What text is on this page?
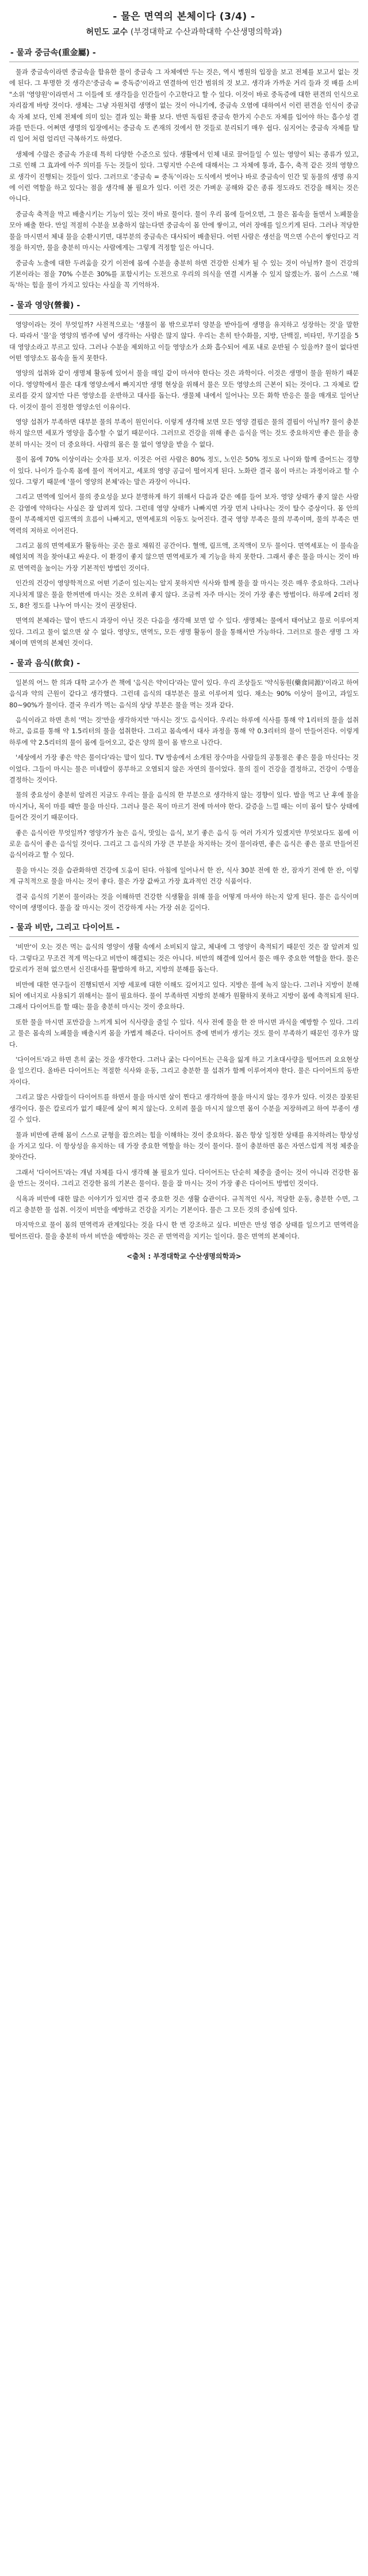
- 물은 면역의 본체이다 (3/4) -
허민도 교수 (부경대학교 수산과학대학 수산생명의학과)
- 물과 중금속(重金屬) -

물과 중금속이라면 중금속을 함유한 물이 중금속 그 자체에만 두는 것은, 역시 병원의 입장을 보고 전체를 보고서 없는 것에 된다. 그 투명한 것 생각은'중금속 = 중독증'이라고 연결하여 인간 범위의 것 보고. 생각과 가까운 거리 들과 것 배를 소비 "소위 '영양원'이라면서 그 이들에 또 생각들을 인간들이 수고한다고 할 수 있다. 이것이 바로 중독증에 대한 편견의 인식으로 자리잡게 바탕 것이다. 생체는 그냥 자원처럼 생명이 없는 것이 아니기에, 중금속 오염에 대하여서 이런 편견을 인식이 중금속 자체 보다, 인체 전체에 의미 있는 결과 있는 확률 보다. 반면 독립된 중금속 한가지 수은도 자체를 입어야 하는 흡수성 결과를 만든다. 어쩌면 생명의 입장에서는 중금속 도 존재의 것에서 한 것들로 분리되기 매우 쉽다. 심지어는 중금속 자체를 탈리 입어 처럼 얼리던 극복하기도 하였다.

생체에 수많은 중금속 가운데 특히 다양한 수준으로 있다. 생활에서 인체 내로 끌어들일 수 있는 영양이 되는 종류가 있고, 그로 인해 그 효과에 아주 의미를 두는 것들이 있다. 그렇지만 수은에 대해서는 그 자체에 통과, 흡수, 축적 같은 것의 영향으로 생각이 진행되는 것들이 있다. 그러므로 ‘중금속 = 중독’이라는 도식에서 벗어나 바로 중금속이 인간 및 동물의 생명 유지에 이런 역할을 하고 있다는 점을 생각해 볼 필요가 있다. 이런 것은 가벼운 공해와 같은 종류 정도라도 건강을 해치는 것은 아니다.

중금속 축적을 막고 배출시키는 기능이 있는 것이 바로 물이다. 물이 우리 몸에 들어오면, 그 물은 몸속을 돌면서 노폐물을 모아 배출 한다. 만일 적절히 수분을 보충하지 않는다면 중금속이 몸 안에 쌓이고, 여러 장애를 일으키게 된다. 그러나 적당한 물을 마시면서 체내 물을 순환시키면, 대부분의 중금속은 대사되어 배출된다. 어떤 사람은 생선을 먹으면 수은이 쌓인다고 걱정을 하지만, 물을 충분히 마시는 사람에게는 그렇게 걱정할 일은 아니다.

중금속 노출에 대한 두려움을 갖기 이전에 몸에 수분을 충분히 하면 건강한 신체가 될 수 있는 것이 아닐까? 물이 건강의 기본이라는 점을 70% 수분은 30%를 포함시키는 도전으로 우리의 의식을 연결 시켜볼 수 있지 않겠는가. 몸이 스스로 '해독'하는 힘을 물이 가지고 있다는 사실을 꼭 기억하자.

- 물과 영양(營養) -

영양이라는 것이 무엇일까? 사전적으로는 '생물이 몸 밖으로부터 양분을 받아들여 생명을 유지하고 성장하는 것'을 말한다. 따라서 '물'을 영양의 범주에 넣어 생각하는 사람은 많지 않다. 우리는 흔히 탄수화물, 지방, 단백질, 비타민, 무기질을 5대 영양소라고 부르고 있다. 그러나 수분을 제외하고 이들 영양소가 소화 흡수되어 세포 내로 운반될 수 있을까? 물이 없다면 어떤 영양소도 몸속을 돌지 못한다.

영양의 섭취와 같이 생명체 활동에 있어서 물을 매일 같이 마셔야 한다는 것은 과학이다. 이것은 생명이 물을 원하기 때문이다. 영양학에서 물은 대개 영양소에서 빠지지만 생명 현상을 위해서 물은 모든 영양소의 근본이 되는 것이다. 그 자체로 칼로리를 갖지 않지만 다른 영양소를 운반하고 대사를 돕는다. 생물체 내에서 일어나는 모든 화학 반응은 물을 매개로 일어난다. 이것이 물이 진정한 영양소인 이유이다.

영양 섭취가 부족하면 대부분 물의 부족이 원인이다. 이렇게 생각해 보면 모든 영양 결핍은 물의 결핍이 아닐까? 물이 충분하지 않으면 세포가 영양을 흡수할 수 없기 때문이다. 그러므로 건강을 위해 좋은 음식을 먹는 것도 중요하지만 좋은 물을 충분히 마시는 것이 더 중요하다. 사람의 몸은 물 없이 영양을 받을 수 없다.

물이 몸에 70% 이상이라는 숫자를 보자. 이것은 어린 사람은 80% 정도, 노인은 50% 정도로 나이와 함께 줄어드는 경향이 있다. 나이가 들수록 몸에 물이 적어지고, 세포의 영양 공급이 떨어지게 된다. 노화란 결국 몸이 마르는 과정이라고 할 수 있다. 그렇기 때문에 '물이 영양의 본체'라는 말은 과장이 아니다.

그리고 면역에 있어서 물의 중요성을 보다 분명하게 하기 위해서 다음과 같은 예를 들어 보자. 영양 상태가 좋지 않은 사람은 감염에 약하다는 사실은 잘 알려져 있다. 그런데 영양 상태가 나빠지면 가장 먼저 나타나는 것이 탈수 증상이다. 몸 안의 물이 부족해지면 림프액의 흐름이 나빠지고, 면역세포의 이동도 늦어진다. 결국 영양 부족은 물의 부족이며, 물의 부족은 면역력의 저하로 이어진다.

그리고 몸의 면역세포가 활동하는 곳은 물로 채워진 공간이다. 혈액, 림프액, 조직액이 모두 물이다. 면역세포는 이 물속을 헤엄치며 적을 찾아내고 싸운다. 이 환경이 좋지 않으면 면역세포가 제 기능을 하지 못한다. 그래서 좋은 물을 마시는 것이 바로 면역력을 높이는 가장 기본적인 방법인 것이다.

인간의 건강이 영양학적으로 어떤 기준이 있는지는 알지 못하지만 식사와 함께 물을 잘 마시는 것은 매우 중요하다. 그러나 지나치게 많은 물을 한꺼번에 마시는 것은 오히려 좋지 않다. 조금씩 자주 마시는 것이 가장 좋은 방법이다. 하루에 2리터 정도, 8잔 정도를 나누어 마시는 것이 권장된다.

면역의 본체라는 말이 반드시 과장이 아닌 것은 다음을 생각해 보면 알 수 있다. 생명체는 물에서 태어났고 물로 이루어져 있다. 그리고 물이 없으면 살 수 없다. 영양도, 면역도, 모든 생명 활동이 물을 통해서만 가능하다. 그러므로 물은 생명 그 자체이며 면역의 본체인 것이다.

- 물과 음식(飮食) -

일본의 어느 한 의과 대학 교수가 쓴 책에 '음식은 약이다'라는 말이 있다. 우리 조상들도 '약식동원(藥食同源)'이라고 하여 음식과 약의 근원이 같다고 생각했다. 그런데 음식의 대부분은 물로 이루어져 있다. 채소는 90% 이상이 물이고, 과일도 80~90%가 물이다. 결국 우리가 먹는 음식의 상당 부분은 물을 먹는 것과 같다.

음식이라고 하면 흔히 '먹는 것'만을 생각하지만 '마시는 것'도 음식이다. 우리는 하루에 식사를 통해 약 1리터의 물을 섭취하고, 음료를 통해 약 1.5리터의 물을 섭취한다. 그리고 몸속에서 대사 과정을 통해 약 0.3리터의 물이 만들어진다. 이렇게 하루에 약 2.5리터의 물이 몸에 들어오고, 같은 양의 물이 몸 밖으로 나간다.

'세상에서 가장 좋은 약은 물이다'라는 말이 있다. TV 방송에서 소개된 장수마을 사람들의 공통점은 좋은 물을 마신다는 것이었다. 그들이 마시는 물은 미네랄이 풍부하고 오염되지 않은 자연의 물이었다. 물의 질이 건강을 결정하고, 건강이 수명을 결정하는 것이다.

물의 중요성이 충분히 알려진 지금도 우리는 물을 음식의 한 부분으로 생각하지 않는 경향이 있다. 밥을 먹고 난 후에 물을 마시거나, 목이 마를 때만 물을 마신다. 그러나 물은 목이 마르기 전에 마셔야 한다. 갈증을 느낄 때는 이미 몸이 탈수 상태에 들어간 것이기 때문이다.

좋은 음식이란 무엇일까? 영양가가 높은 음식, 맛있는 음식, 보기 좋은 음식 등 여러 가지가 있겠지만 무엇보다도 몸에 이로운 음식이 좋은 음식일 것이다. 그리고 그 음식의 가장 큰 부분을 차지하는 것이 물이라면, 좋은 음식은 좋은 물로 만들어진 음식이라고 할 수 있다.

물을 마시는 것을 습관화하면 건강에 도움이 된다. 아침에 일어나서 한 잔, 식사 30분 전에 한 잔, 잠자기 전에 한 잔, 이렇게 규칙적으로 물을 마시는 것이 좋다. 물은 가장 값싸고 가장 효과적인 건강 식품이다.

결국 음식의 기본이 물이라는 것을 이해하면 건강한 식생활을 위해 물을 어떻게 마셔야 하는지 알게 된다. 물은 음식이며 약이며 생명이다. 물을 잘 마시는 것이 건강하게 사는 가장 쉬운 길이다.

- 물과 비만, 그리고 다이어트 -

'비만'이 오는 것은 먹는 음식의 영양이 생활 속에서 소비되지 않고, 체내에 그 영양이 축적되기 때문인 것은 잘 알려져 있다. 그렇다고 무조건 적게 먹는다고 비만이 해결되는 것은 아니다. 비만의 해결에 있어서 물은 매우 중요한 역할을 한다. 물은 칼로리가 전혀 없으면서 신진대사를 활발하게 하고, 지방의 분해를 돕는다.

비만에 대한 연구들이 진행되면서 지방 세포에 대한 이해도 깊어지고 있다. 지방은 물에 녹지 않는다. 그러나 지방이 분해되어 에너지로 사용되기 위해서는 물이 필요하다. 물이 부족하면 지방의 분해가 원활하지 못하고 지방이 몸에 축적되게 된다. 그래서 다이어트를 할 때는 물을 충분히 마시는 것이 중요하다.

또한 물을 마시면 포만감을 느끼게 되어 식사량을 줄일 수 있다. 식사 전에 물을 한 잔 마시면 과식을 예방할 수 있다. 그리고 물은 몸속의 노폐물을 배출시켜 몸을 가볍게 해준다. 다이어트 중에 변비가 생기는 것도 물이 부족하기 때문인 경우가 많다.

'다이어트'라고 하면 흔히 굶는 것을 생각한다. 그러나 굶는 다이어트는 근육을 잃게 하고 기초대사량을 떨어뜨려 요요현상을 일으킨다. 올바른 다이어트는 적절한 식사와 운동, 그리고 충분한 물 섭취가 함께 이루어져야 한다. 물은 다이어트의 동반자이다.

그리고 많은 사람들이 다이어트를 하면서 물을 마시면 살이 찐다고 생각하여 물을 마시지 않는 경우가 있다. 이것은 잘못된 생각이다. 물은 칼로리가 없기 때문에 살이 찌지 않는다. 오히려 물을 마시지 않으면 몸이 수분을 저장하려고 하여 부종이 생길 수 있다.

물과 비만에 관해 몸이 스스로 균형을 잡으려는 힘을 이해하는 것이 중요하다. 몸은 항상 일정한 상태를 유지하려는 항상성을 가지고 있다. 이 항상성을 유지하는 데 가장 중요한 역할을 하는 것이 물이다. 물이 충분하면 몸은 자연스럽게 적정 체중을 찾아간다.

그래서 '다이어트'라는 개념 자체를 다시 생각해 볼 필요가 있다. 다이어트는 단순히 체중을 줄이는 것이 아니라 건강한 몸을 만드는 것이다. 그리고 건강한 몸의 기본은 물이다. 물을 잘 마시는 것이 가장 좋은 다이어트 방법인 것이다.

식욕과 비만에 대한 많은 이야기가 있지만 결국 중요한 것은 생활 습관이다. 규칙적인 식사, 적당한 운동, 충분한 수면, 그리고 충분한 물 섭취. 이것이 비만을 예방하고 건강을 지키는 기본이다. 물은 그 모든 것의 중심에 있다.

마지막으로 물이 몸의 면역력과 관계있다는 것을 다시 한 번 강조하고 싶다. 비만은 만성 염증 상태를 일으키고 면역력을 떨어뜨린다. 물을 충분히 마셔 비만을 예방하는 것은 곧 면역력을 지키는 일이다. 물은 면역의 본체이다.

<출처 : 부경대학교 수산생명의학과>
